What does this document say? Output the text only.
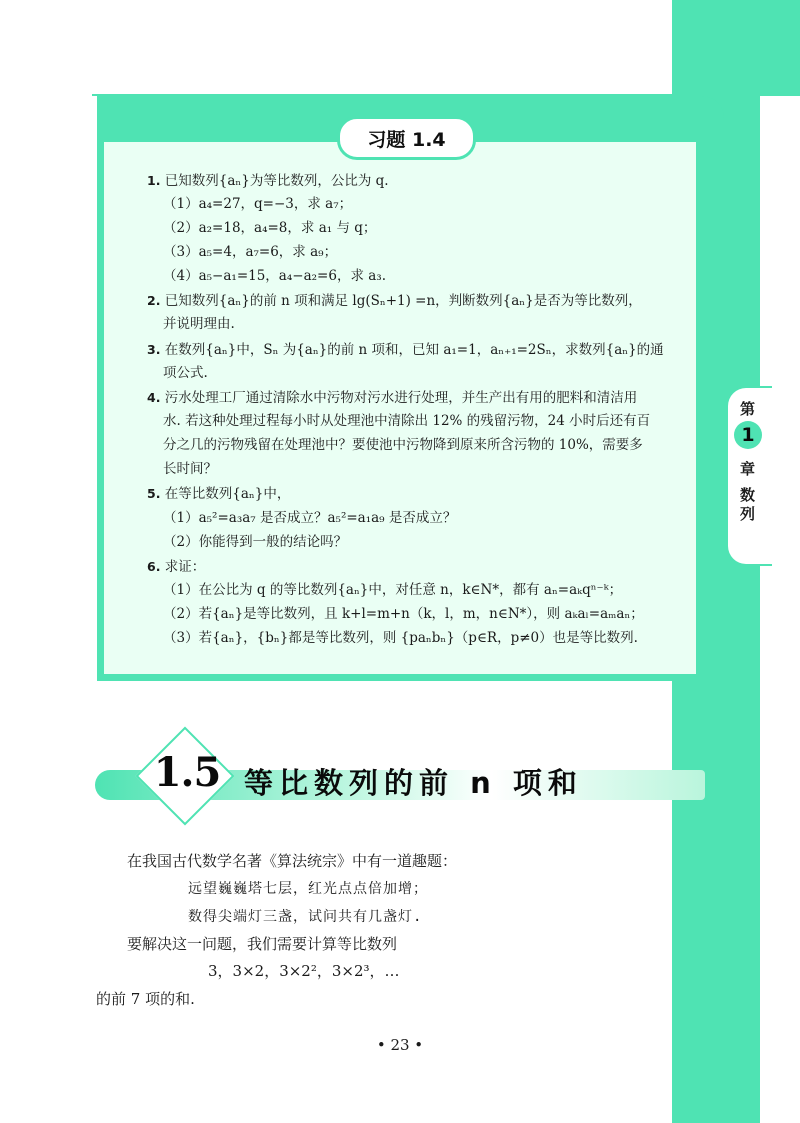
习题 1.4
1. 已知数列{aₙ}为等比数列，公比为 q.
（1）a₄=27，q=−3，求 a₇；
（2）a₂=18，a₄=8，求 a₁ 与 q；
（3）a₅=4，a₇=6，求 a₉；
（4）a₅−a₁=15，a₄−a₂=6，求 a₃.
2. 已知数列{aₙ}的前 n 项和满足 lg(Sₙ+1) =n，判断数列{aₙ}是否为等比数列，
并说明理由.
3. 在数列{aₙ}中，Sₙ 为{aₙ}的前 n 项和，已知 a₁=1，aₙ₊₁=2Sₙ，求数列{aₙ}的通
项公式.
4. 污水处理工厂通过清除水中污物对污水进行处理，并生产出有用的肥料和清洁用
水. 若这种处理过程每小时从处理池中清除出 12% 的残留污物，24 小时后还有百
分之几的污物残留在处理池中？要使池中污物降到原来所含污物的 10%，需要多
长时间？
5. 在等比数列{aₙ}中，
（1）a₅²=a₃a₇ 是否成立？a₅²=a₁a₉ 是否成立？
（2）你能得到一般的结论吗？
6. 求证：
（1）在公比为 q 的等比数列{aₙ}中，对任意 n，k∈N*，都有 aₙ=aₖqⁿ⁻ᵏ；
（2）若{aₙ}是等比数列，且 k+l=m+n（k，l，m，n∈N*），则 aₖaₗ=aₘaₙ；
（3）若{aₙ}，{bₙ}都是等比数列，则 {paₙbₙ}（p∈R，p≠0）也是等比数列.
第
1
章
数列
1.5 等比数列的前 n 项和
在我国古代数学名著《算法统宗》中有一道趣题：
远望巍巍塔七层，红光点点倍加增；
数得尖端灯三盏，试问共有几盏灯.
要解决这一问题，我们需要计算等比数列
3，3×2，3×2²，3×2³，…
的前 7 项的和.
• 23 •
